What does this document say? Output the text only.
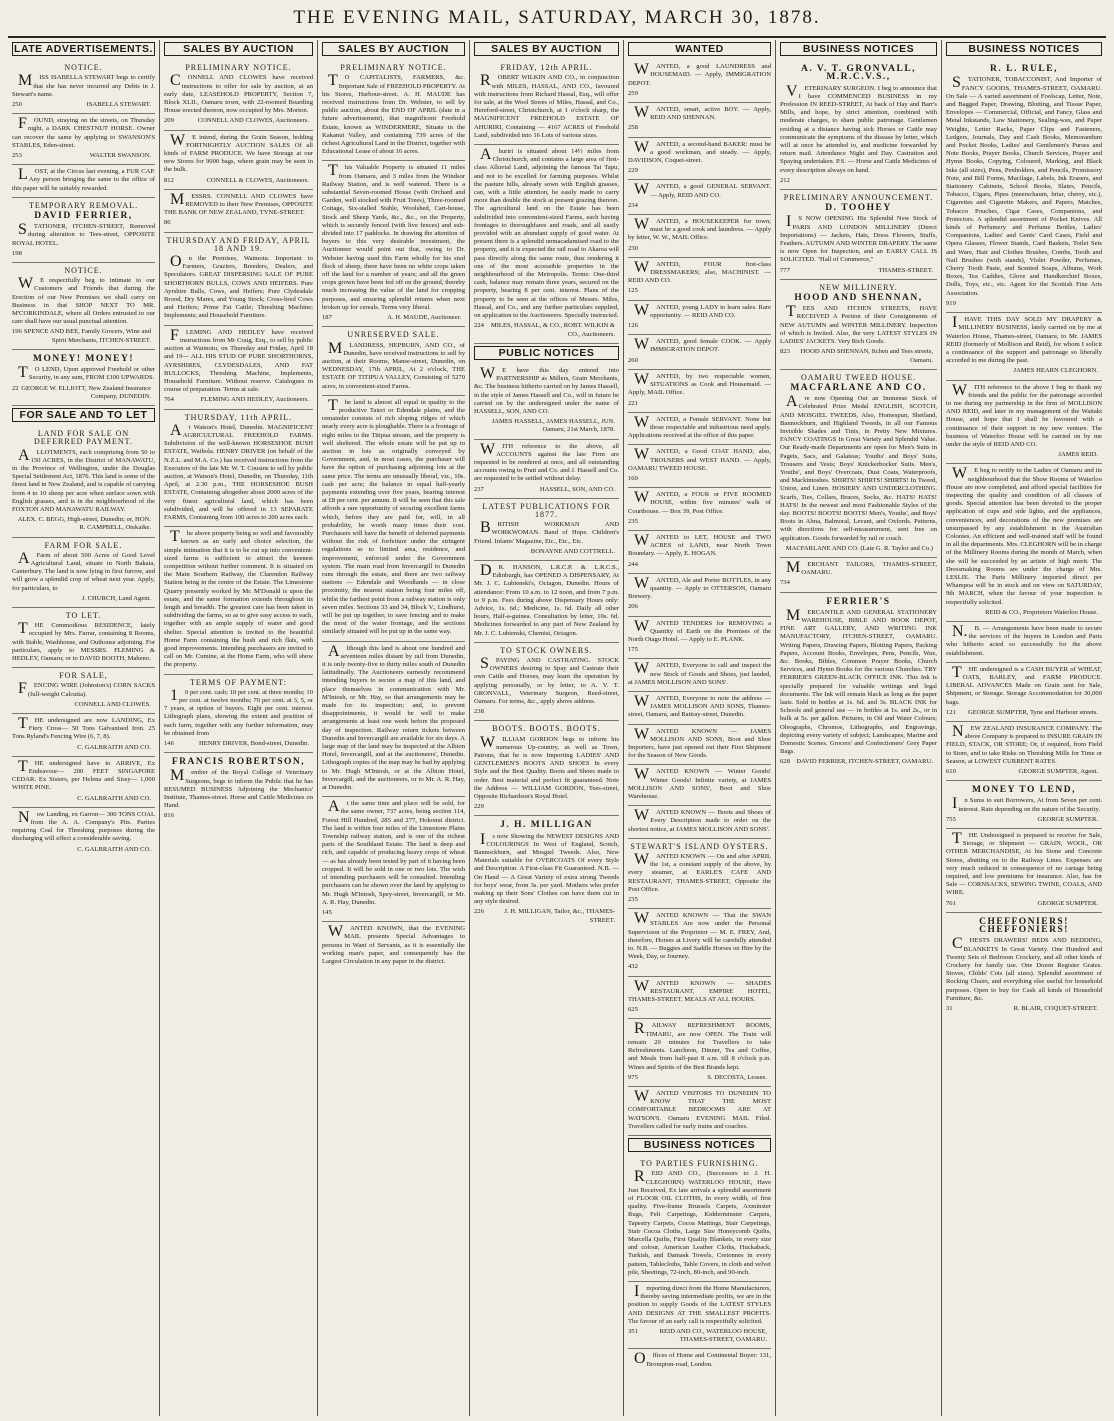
THE EVENING MAIL, SATURDAY, MARCH 30, 1878.
LATE ADVERTISEMENTS.
NOTICE.
MISS ISABELLA STEWART begs to certify that she has never incurred any Debts in J. Stewart's name.
250	ISABELLA STEWART.
FOUND, straying on the streets, on Thursday night, a DARK CHESTNUT HORSE. Owner can recover the same by applying to SWANSON'S STABLES, Eden-street.
253	WALTER SWANSON.
LOST, at the Circus last evening, a FUR CAP. Any person bringing the same to the office of this paper will be suitably rewarded.
TEMPORARY REMOVAL.
DAVID FERRIER,
STATIONER, ITCHEN-STREET, Removed during alteration to Tees-street, OPPOSITE ROYAL HOTEL.
198

NOTICE.
WE respectfully beg to intimate to our Customers and Friends that during the Erection of our New Premises we shall carry on Business in that SHOP NEXT TO MR. M'CORKINDALE, where all Orders entrusted to our care shall have our usual punctual attention.
196 SPENCE AND BEE, Family Grocers, Wine and Spirit Merchants, ITCHEN-STREET.
MONEY! MONEY!
TO LEND, Upon approved Freehold or other Security, in any sum, FROM £100 UPWARDS.
22 GEORGE W. ELLIOTT, New Zealand Insurance Company, DUNEDIN.
FOR SALE AND TO LET
LAND FOR SALE ON DEFERRED PAYMENT.
ALLOTMENTS, each comprising from 50 to 150 ACRES, in the District of MANAWATU, in the Province of Wellington, under the Douglas Special Settlement Act, 1876. This land is some of the finest land in New Zealand, and is capable of carrying from 4 to 10 sheep per acre when surface sown with English grasses, and is in the neighbourhood of the FOXTON AND MANAWATU RAILWAY.
ALEX. C. BEGG, High-street, Dunedin; or, HON. R. CAMPBELL, Otekaike.
FARM FOR SALE.
AFarm of about 500 Acres of Good Level Agricultural Land, situate in North Bakaia, Canterbury. The land is now lying in first furrow, and will grow a splendid crop of wheat next year. Apply, for particulars, to
J. CHURCH, Land Agent.
TO LET.
THE Commodious RESIDENCE, lately occupied by Mrs. Farrar, containing 8 Rooms, with Stable, Washhouse, and Outhouse adjoining. For particulars, apply to MESSRS. FLEMING & HEDLEY, Oamaru; or to DAVID BOOTH, Maheno.
FOR SALE,
FENCING WIRE (Johnston's) CORN SACKS (full-weight Calcutta).
CONNELL AND CLOWES.
THE undersigned are now LANDING, Ex Fiery Cross— 50 Tons Galvanised Iron. 25 Tons Ryland's Fencing Wire (6, 7, 8).
C. GALBRAITH AND CO.
THE undersigned have to ARRIVE, Ex Endeavour— 200 FEET SINGAPORE CEDAR. Ex Sisters, per Helena and Sissy— 1,000 WHITE PINE.
C. GALBRAITH AND CO.
Now Landing, ex Garron— 300 TONS COAL from the A. A. Company's Pits. Parties requiring Coal for Threshing purposes during the discharging will effect a considerable saving.
C. GALBRAITH AND CO.
SALES BY AUCTION
PRELIMINARY NOTICE.
CONNELL AND CLOWES have received instructions to offer for sale by auction, at an early date, LEASEHOLD PROPERTY, Section 7, Block XLII., Oamaru town, with 22-roomed Boarding House erected thereon, now occupied by Mrs. Morton.
209	CONNELL AND CLOWES, Auctioneers.
WE intend, during the Grain Season, holding FORTNIGHTLY AUCTION SALES Of all kinds of FARM PRODUCE. We have Storage at our new Stores for 9000 bags, where grain may be seen in the bulk.
812	CONNELL & CLOWES, Auctioneers.
MESSRS. CONNELL AND CLOWES have REMOVED to their New Premises, OPPOSITE THE BANK OF NEW ZEALAND, TYNE-STREET.
86

THURSDAY AND FRIDAY, APRIL 18 AND 19.
On the Premises, Waimotu. Important to Farmers, Graziers, Breeders, Dealers, and Speculators. GREAT DISPERSING SALE OF PURE SHORTHORN BULLS, COWS AND HEIFERS. Pure Ayrshire Bulls, Cows, and Heifers; Pure Clydesdale Brood, Dry Mares, and Young Stock; Cross-bred Cows and Heifers; Prime Fat Cattle; Threshing Machine; Implements; and Household Furniture.
FLEMING AND HEDLEY have received instructions from Mr Craig, Esq., to sell by public auction at Waimotu, on Thursday and Friday, April 18 and 19— ALL HIS STUD OF PURE SHORTHORNS, AYRSHIRES, CLYDESDALES, AND FAT BULLOCKS, Threshing Machine, Implements, Household Furniture. Without reserve. Catalogues in course of preparation. Terms at sale.
764	FLEMING AND HEDLEY, Auctioneers.
THURSDAY, 11th APRIL.
At Watson's Hotel, Dunedin. MAGNIFICENT AGRICULTURAL FREEHOLD FARMS. Subdivision of the well-known HORSESHOE BUSH ESTATE, Waihola. HENRY DRIVER (on behalf of the N.Z.L. and M.A. Co.) has received instructions from the Executors of the late Mr. W. T. Cousins to sell by public auction, at Watson's Hotel, Dunedin, on Thursday, 11th April, at 2.30 p.m., THE HORSESHOE BUSH ESTATE, Containing altogether about 2000 acres of the very finest agricultural land, which has been subdivided, and will be offered in 13 SEPARATE FARMS, Containing from 100 acres to 200 acres each.
The above property being so well and favourably known as an early and choice selection, the simple intimation that it is to be cut up into convenient-sized farms is sufficient to attract the keenest competition without further comment. It is situated on the Main Southern Railway, the Clarendon Railway Station being in the centre of the Estate. The Limestone Quarry presently worked by Mr. M'Donald is upon the estate, and the same formation extends throughout its length and breadth. The greatest care has been taken in subdividing the farms, so as to give easy access to each, together with an ample supply of water and good shelter. Special attention is invited to the beautiful Home Farm containing the bush and rich flats, with good improvements. Intending purchasers are invited to call on Mr. Cumine, at the Home Farm, who will show the property.
TERMS OF PAYMENT:
10 per cent. cash; 10 per cent. at three months; 10 per cent. at twelve months; 70 per cent. at 3, 5, or 7 years, at option of buyers. Eight per cent. interest. Lithograph plans, showing the extent and position of each farm, together with any further information, may be obtained from
146	HENRY DRIVER, Bond-street, Dunedin.
FRANCIS ROBERTSON,
Member of the Royal College of Veterinary Surgeons, begs to inform the Public that he has RESUMED BUSINESS Adjoining the Mechanics' Institute, Thames-street. Horse and Cattle Medicines on Hand.
816

SALES BY AUCTION
PRELIMINARY NOTICE.
TO CAPITALISTS, FARMERS, &c. Important Sale of FREEHOLD PROPERTY. At his Stores, Harbour-street. A. H. MAUDE has received instructions from Dr. Webster, to sell by public auction, about the END OF APRIL (date in a future advertisement), that magnificent Freehold Estate, known as WINDERMERE, Situate in the Kakanui Valley, and containing 739 acres of the richest Agricultural Land in the District, together with Educational Lease of about 16 acres.
This Valuable Property is situated 11 miles from Oamaru, and 3 miles from the Windsor Railway Station, and is well watered. There is a substantial Seven-roomed House (with Orchard and Garden, well stocked with Fruit Trees), Three-roomed Cottage, Six-stalled Stable, Woolshed, Cart-house, Stock and Sheep Yards, &c., &c., on the Property, which is securely fenced (with live fences) and sub-divided into 17 paddocks. In drawing the attention of buyers to this very desirable investment, the Auctioneer would point out that, owing to Dr. Webster having used this Farm wholly for his stud flock of sheep, there have been no white crops taken off the land for a number of years; and all the green crops grown have been fed off on the ground, thereby much increasing the value of the land for cropping purposes, and ensuring splendid returns when next broken up for cereals. Terms very liberal.
187	A. H. MAUDE, Auctioneer.
UNRESERVED SALE.
MLANDRESS, HEPBURN, AND CO., of Dunedin, have received instructions to sell by auction, at their Rooms, Manse-street, Dunedin, on WEDNESDAY, 17th APRIL, At 2 o'clock, THE ESTATE OF TITIPUA VALLEY, Consisting of 5270 acres, in convenient-sized Farms.
The land is almost all equal in quality to the productive Taieri or Edendale plains, and the remainder consists of rich sloping ridges of which nearly every acre is ploughable. There is a frontage of eight miles to the Titipua stream, and the property is well sheltered. The whole estate will be put up to auction in lots as originally conveyed by Government, and, in most cases, the purchaser will have the option of purchasing adjoining lots at the same price. The terms are unusually liberal, viz., 10s. cash per acre; the balance in equal half-yearly payments extending over five years, bearing interest at £8 per cent. per annum. It will be seen that this sale affords a rare opportunity of securing excellent farms which, before they are paid for, will, in all probability, be worth many times their cost. Purchasers will have the benefit of deferred payments without the risk of forfeiture under the stringent regulations as to limited area, residence, and improvement, enforced under the Government system. The main road from Invercargill to Dunedin runs through the estate, and there are two railway stations — Edendale and Woodlands — in close proximity, the nearest station being four miles off, whilst the farthest point from a railway station is only seven miles. Sections 33 and 34, Block V., Lindhurst, will be put up together, to save fencing and to make the most of the water frontage, and the sections similarly situated will be put up in the same way.
Although this land is about one hundred and seventeen miles distant by rail from Dunedin, it is only twenty-five to thirty miles south of Dunedin latitudinally. The Auctioneers earnestly recommend intending buyers to secure a map of this land, and place themselves in communication with Mr. M'Intosh, or Mr. Hay, so that arrangements may be made for its inspection; and, to prevent disappointments, it would be well to make arrangements at least one week before the proposed day of inspection. Railway return tickets between Dunedin and Invercargill are available for six days. A large map of the land may be inspected at the Albion Hotel, Invercargill, and at the auctioneers', Dunedin. Lithograph copies of the map may be had by applying to Mr. Hugh M'Intosh, or at the Albion Hotel, Invercargill, and the auctioneers, or to Mr. A. R. Hay, at Dunedin.
At the same time and place will be sold, for the same owner, 737 acres, being section 114, Forest Hill Hundred, 285 and 277, Hokonui district. The land is within four miles of the Limestone Plains Township railway station, and is one of the richest parts of the Southland Estate. The land is deep and rich, and capable of producing heavy crops of wheat — as has already been tested by part of it having been cropped. It will be sold in one or two lots. The wish of intending purchasers will be consulted. Intending purchasers can be shown over the land by applying to Mr. Hugh M'Intosh, Spey-street, Invercargill, or Mr. A. R. Hay, Dunedin.
145

WANTED KNOWN, that the EVENING MAIL presents Special Advantages to persons in Want of Servants, as it is essentially the working man's paper, and consequently has the Largest Circulation in any paper in the district.
SALES BY AUCTION
FRIDAY, 12th APRIL.
ROBERT WILKIN AND CO., in conjunction with MILES, HASSAL, AND CO., favoured with instructions from Richard Hassal, Esq., will offer for sale, at the Wool Stores of Miles, Hassal, and Co., Hereford-street, Christchurch, at 1 o'clock sharp, the MAGNIFICENT FREEHOLD ESTATE OF AHURIRI, Containing — 4167 ACRES of Freehold Land, subdivided into 16 Lots of various sizes.
Ahuriri is situated about 14½ miles from Christchurch, and contains a large area of first-class Alluvial Land, adjoining the famous Tai Tapu, and not to be excelled for farming purposes. Whilst the pasture hills, already sown with English grasses, can, with a little attention, be easily made to carry more than double the stock at present grazing thereon. The agricultural land on the Estate has been subdivided into convenient-sized Farms, each having frontages to thoroughfares and roads, and all easily provided with an abundant supply of good water. At present there is a splendid unmacadamised road to the property, and it is expected the rail road to Akaroa will pass directly along the same route, thus rendering it one of the most accessible properties in the neighbourhood of the Metropolis. Terms: One-third cash, balance may remain three years, secured on the property, bearing 8 per cent. interest. Plans of the property to be seen at the offices of Messrs. Miles, Hassal, and Co., and any further particulars supplied, on application to the Auctioneers. Specially instructed.
224 MILES, HASSAL, & CO., ROBT. WILKIN & CO., Auctioneers.
PUBLIC NOTICES
WE have this day entered into PARTNERSHIP as Millers, Grain Merchants, &c. The business hitherto carried on by James Hassell, in the style of James Hassell and Co., will in future be carried on by the undersigned under the name of HASSELL, SON, AND CO.
JAMES HASSELL, JAMES HASSELL, JUN. Oamaru, 21st March, 1878.
WITH reference to the above, all ACCOUNTS against the late Firm are requested to be rendered at once, and all outstanding accounts owing to Pratt and Co. and J. Hassell and Co. are requested to be settled without delay.
237	HASSELL, SON, AND CO.
LATEST PUBLICATIONS FOR 1877.
BRITISH WORKMAN AND WORKWOMAN. Band of Hope. Children's Friend. Infants' Magazine, Etc., Etc., Etc.
BONAYNE AND COTTRELL.
DR. HANSON, L.R.C.P. & L.R.C.S., Edinburgh, has OPENED A DISPENSARY, At Mr. J. C. Lubienski's, Octagon, Dunedin. Hours of attendance: From 10 a.m. to 12 noon, and from 7 p.m. to 9 p.m. Fees during above Dispensary Hours only: Advice, 1s. 6d.; Medicine, 1s. 6d. Daily all other hours, Half-a-guinea. Consultation by letter, 10s. 6d. Medicines forwarded to any part of New Zealand by Mr. J. C. Lubienski, Chemist, Octagon.
TO STOCK OWNERS.
SPAYING AND CASTRATING. STOCK OWNERS desiring to Spay and Castrate their own Cattle and Horses, may learn the operation by applying personally, or by letter, to A. V. T. GRONVALL, Veterinary Surgeon, Reed-street, Oamaru. For terms, &c., apply above address.
238

BOOTS. BOOTS. BOOTS.
WILLIAM GORDON begs to inform his numerous Up-country, as well as Town, Patrons, that he is now Importing LADIES' AND GENTLEMEN'S BOOTS AND SHOES In every Style and the Best Quality. Boots and Shoes made to order. Best material and perfect fit guaranteed. Note the Address — WILLIAM GORDON, Tees-street, Opposite Richardson's Royal Hotel.
229

J. H. MILLIGAN
Is now Showing the NEWEST DESIGNS AND COLOURINGS In West of England, Scotch, Bannockburn, and Mosgiel Tweeds. Also, New Materials suitable for OVERCOATS Of every Style and Description. A First-class Fit Guaranteed. N.B. — On Hand — A Great Variety of extra strong Tweeds for boys' wear, from 3s. per yard. Mothers who prefer making up their Sons' Clothes can have them cut in any style desired.
226	J. H. MILLIGAN, Tailor, &c., THAMES-STREET.
WANTED
WANTED, a good LAUNDRESS and HOUSEMAID. — Apply, IMMIGRATION DEPOT.
259

WANTED, smart, active BOY. — Apply, REID AND SHENNAN.
258

WANTED, a second-hand BAKER: must be a good workman, and steady. — Apply, DAVIDSON, Coquet-street.
229

WANTED, a good GENERAL SERVANT. — Apply, REID AND CO.
234

WANTED, a HOUSEKEEPER for town; must be a good cook and laundress. — Apply by letter, W. W., MAIL Office.
230

WANTED, FOUR first-class DRESSMAKERS; also, MACHINIST. — REID AND CO.
125

WANTED, young LADY to learn sales. Rare opportunity. — REID AND CO.
126

WANTED, good female COOK. — Apply IMMIGRATION DEPOT.
260

WANTED, by two respectable women, SITUATIONS as Cook and Housemaid. — Apply, MAIL Office.
221

WANTED, a Female SERVANT. None but those respectable and industrious need apply. Applications received at the office of this paper.
WANTED, a Good COAT HAND; also, TROUSERS and WEST HAND. — Apply, OAMARU TWEED HOUSE.
160

WANTED, a FOUR or FIVE ROOMED HOUSE, within five minutes' walk of Courthouse. — Box 39, Post Office.
235

WANTED to LET, HOUSE and TWO ACRES of LAND, near North Town Boundary. — Apply, E. HOGAN.
244

WANTED, Ale and Porter BOTTLES, in any quantity. — Apply to OTTERSON, Oamaru Brewery.
206

WANTED TENDERS for REMOVING a Quantity of Earth on the Premises of the North Otago Hotel. — Apply to E. PLANK.
175

WANTED, Everyone to call and inspect the new Stock of Goods and Shoes, just landed, at JAMES MOLLISON AND SONS'.
WANTED, Everyone to note the address — JAMES MOLLISON AND SONS, Thames-street, Oamaru, and Rattray-street, Dunedin.
WANTED KNOWN — JAMES MOLLISON AND SONS, Boot and Shoe Importers, have just opened out their First Shipment for the Season of New Goods.
WANTED KNOWN — Winter Goods! Winter Goods! Infinite variety, at JAMES MOLLISON AND SONS', Boot and Shoe Warehouse.
WANTED KNOWN — Boots and Shoes of Every Description made to order on the shortest notice, at JAMES MOLLISON AND SONS'.
STEWART'S ISLAND OYSTERS.
WANTED KNOWN — On and after APRIL the 1st, a constant supply of the above, by every steamer, at EARLE'S CAFE AND RESTAURANT, THAMES-STREET, Opposite the Post Office.
235

WANTED KNOWN — That the SWAN STABLES Are now under the Personal Supervision of the Proprietor — M. E. FREY, And, therefore, Horses at Livery will be carefully attended to. N.B. — Buggies and Saddle Horses on Hire by the Week, Day, or Journey.
432

WANTED KNOWN — SHADES RESTAURANT, EMPIRE HOTEL, THAMES-STREET. MEALS AT ALL HOURS.
625

RAILWAY REFRESHMENT ROOMS, TIMARU, are now OPEN. The Train will remain 20 minutes for Travellers to take Refreshments. Luncheon, Dinner, Tea and Coffee, and Meals from half-past 8 a.m. till 8 o'clock p.m. Wines and Spirits of the Best Brands kept.
975	S. DECOSTA, Lessee.
WANTED VISITORS TO DUNEDIN TO KNOW THAT THE MOST COMFORTABLE BEDROOMS ARE AT WATSON'S. Oamaru EVENING MAIL Filed. Travellers called for early trains and coaches.
BUSINESS NOTICES
TO PARTIES FURNISHING.
REID AND CO., (Successors to J. H. CLEGHORN) WATERLOO HOUSE, Have Just Received, Ex late arrivals a splendid assortment of FLOOR OIL CLOTHS, In every width, of first quality. Five-frame Brussels Carpets, Axminster Rugs, Felt Carpetings, Kidderminster Carpets, Tapestry Carpets, Cocoa Mattings, Stair Carpetings, Stair Cocoa Cloths, Large Size Honeycomb Quilts, Marcella Quilts, First Quality Blankets, in every size and colour, American Leather Cloths, Huckaback, Turkish, and Damask Towels, Cretonnes in every pattern, Tablecloths, Table Covers, in cloth and velvet pile, Sheetings, 72-inch, 80-inch, and 90-inch.
Importing direct from the Home Manufacturers, thereby saving intermediate profits, we are in the position to supply Goods of the LATEST STYLES AND DESIGNS AT THE SMALLEST PROFITS. The favour of an early call is respectfully solicited.
351	REID AND CO., WATERLOO HOUSE, THAMES-STREET, OAMARU.
Offices of Home and Continental Buyer: 131, Brompton-road, London.
BUSINESS NOTICES
A. V. T. GRONVALL, M.R.C.V.S.,
VETERINARY SURGEON. I beg to announce that I have COMMENCED BUSINESS in my Profession IN REED-STREET, At back of Hay and Barr's Mills, and hope, by strict attention, combined with moderate charges, to share public patronage. Gentlemen residing at a distance having sick Horses or Cattle may communicate the symptoms of the disease by letter, which will at once be attended to, and medicine forwarded by return mail. Attendance Night and Day. Castration and Spaying undertaken. P.S. — Horse and Cattle Medicines of every description always on hand.
212

PRELIMINARY ANNOUNCEMENT.
D. TOOHEY
IS NOW OPENING His Splendid New Stock of PARIS AND LONDON MILLINERY (Direct Importations) — Jackets, Hats, Dress Flowers, Stuffs, Feathers. AUTUMN AND WINTER DRAPERY. The same is now Open for Inspection, and an EARLY CALL IS SOLICITED. "Hall of Commerce,"
777	THAMES-STREET.
NEW MILLINERY.
HOOD AND SHENNAN,
TEES AND ITCHEN STREETS, HAVE RECEIVED A Portion of their Consignments of NEW AUTUMN and WINTER MILLINERY. Inspection of which is Invited. Also, the very LATEST STYLES IN LADIES' JACKETS. Very Rich Goods.
823 HOOD AND SHENNAN, Itchen and Tees streets, Oamaru.
OAMARU TWEED HOUSE.
MACFARLANE AND CO.
Are now Opening Out an Immense Stock of Celebrated Prize Medal ENGLISH, SCOTCH, AND MOSGIEL TWEEDS, Also, Homespun, Shetland, Bannockburn, and Highland Tweeds, in all our Famous Invisible Shades and Tints, in Pretty New Mixtures. FANCY COATINGS In Great Variety and Splendid Value. Our Ready-made Departments are open for Men's Suits in Pagets, Sacs, and Galateas; Youths' and Boys' Suits, Trousers and Vests; Boys' Knickerbocker Suits. Men's, Youths', and Boys' Overcoats, Dust Coats, Waterproofs, and Mackintoshes. SHIRTS! SHIRTS! SHIRTS! In Tweed, Union, and Linen. HOSIERY AND UNDERCLOTHING. Scarfs, Ties, Collars, Braces, Socks, &c. HATS! HATS! HATS! In the newest and most Fashionable Styles of the day. BOOTS! BOOTS! BOOTS! Men's, Youths', and Boys' Boots in Alma, Balmoral, Levant, and Oxfords. Patterns, with directions for self-measurement, sent free on application. Goods forwarded by rail or coach.
MACFARLANE AND CO. (Late G. R. Taylor and Co.)
MERCHANT TAILORS, THAMES-STREET, OAMARU.
734

FERRIER'S
MERCANTILE AND GENERAL STATIONERY WAREHOUSE, BIBLE AND BOOK DEPOT, FINE ART GALLERY, AND WRITING INK MANUFACTORY, ITCHEN-STREET, OAMARU. Writing Papers, Drawing Papers, Blotting Papers, Packing Papers, Account Books, Envelopes, Pens, Pencils, Wax, &c. Books, Bibles, Common Prayer Books, Church Services, and Hymn Books for the various Churches. TRY FERRIER'S GREEN-BLACK OFFICE INK. This Ink is specially prepared for valuable writings and legal documents. The Ink will remain black as long as the paper lasts. Sold in bottles at 1s. 6d. and 3s. BLACK INK for Schools and general use — in bottles at 1s. and 2s., or in bulk at 5s. per gallon. Pictures, in Oil and Water Colours; Oleographs, Chromos, Lithographs, and Engravings, depicting every variety of subject; Landscapes, Marine and Domestic Scenes. Grocers' and Confectioners' Grey Paper Bags.
628 DAVID FERRIER, ITCHEN-STREET, OAMARU.
BUSINESS NOTICES
R. L. RULE,
STATIONER, TOBACCONIST, And Importer of FANCY GOODS, THAMES-STREET, OAMARU. On Sale — A varied assortment of Foolscap, Letter, Note, and Bagged Paper, Drawing, Blotting, and Tissue Paper, Envelopes — Commercial, Official, and Fancy, Glass and Metal Inkstands, Law Stationery, Sealing-wax, and Paper Weights, Letter Racks, Paper Clips and Fasteners, Ledgers, Journals, Day and Cash Books, Memorandum and Pocket Books, Ladies' and Gentlemen's Purses and Note Books, Prayer Books, Church Services, Prayer and Hymn Books, Copying, Coloured, Marking, and Black Inks (all sizes), Pens, Penholders, and Pencils, Promissory Note, and Bill Forms, Mucilage, Labels, Ink Erasers, and Stationery Cabinets, School Books, Slates, Pencils, Tobacco, Cigars, Pipes (meerschaum, briar, cherry, etc.), Cigarettes and Cigarette Makers, and Papers, Matches, Tobacco Pouches, Cigar Cases, Companions, and Protectors. A splendid assortment of Pocket Knives. All kinds of Perfumery and Perfume Bottles, Ladies' Companions, Ladies' and Gents' Card Cases, Field and Opera Glasses, Flower Stands, Card Baskets, Toilet Sets and Ware, Hair and Clothes Brushes, Combs, Tooth and Nail Brushes (with stands), Violet Powder, Perfumes, Cherry Tooth Paste, and Scented Soaps, Albums, Work Boxes, Tea Caddies, Glove and Handkerchief Boxes, Dolls, Toys, etc., etc. Agent for the Scottish Fine Arts Association.
919

IHAVE THIS DAY SOLD MY DRAPERY & MILLINERY BUSINESS, lately carried on by me at Waterloo House, Thames-street, Oamaru, to Mr. JAMES REID (formerly of Mollison and Reid), for whom I solicit a continuance of the support and patronage so liberally accorded to me during the past.
JAMES HEARN CLEGHORN.
WITH reference to the above I beg to thank my friends and the public for the patronage accorded to me during my partnership in the firm of MOLLISON AND REID, and later in my management of the Waitaki House, and hope that I shall be favoured with a continuance of their support in my new venture. The business of Waterloo House will be carried on by me under the style of REID AND CO.
JAMES REID.
WE beg to notify to the Ladies of Oamaru and its neighbourhood that the Show Rooms of Waterloo House are now completed, and afford special facilities for inspecting the quality and condition of all classes of goods. Special attention has been devoted to the proper application of cups and side lights, and the appliances, conveniences, and decorations of the new premises are unsurpassed by any establishment in the Australian Colonies. An efficient and well-trained staff will be found in all the departments. Mrs. CLEGHORN will be in charge of the Millinery Rooms during the month of March, when she will be succeeded by an artiste of high merit. The Dressmaking Rooms are under the charge of Mrs. LESLIE. The Paris Millinery imported direct per Whampoa will be in stock and on view on SATURDAY, 9th MARCH, when the favour of your inspection is respectfully solicited.
REID & CO., Proprietors Waterloo House.
N.B. — Arrangements have been made to secure the services of the buyers in London and Paris who hitherto acted so successfully for the above establishment.
THE undersigned is a CASH BUYER of WHEAT, OATS, BARLEY, and FARM PRODUCE. LIBERAL ADVANCES Made on Grain sent for Sale, Shipment, or Storage. Storage Accommodation for 30,000 bags.
121 GEORGE SUMPTER, Tyne and Harbour streets.
NEW ZEALAND INSURANCE COMPANY. The above Company is prepared to INSURE GRAIN IN FIELD, STACK, OR STORE; Or, if required, from Field to Store, and to take Risks on Threshing Mills for Time or Season, at LOWEST CURRENT RATES.
610	GEORGE SUMPTER, Agent.
MONEY TO LEND,
In Sums to suit Borrowers, At from Seven per cent. interest. Rate depending on the nature of the Security.
755	GEORGE SUMPTER.
THE Undersigned is prepared to receive for Sale, Storage, or Shipment — GRAIN, WOOL, OR OTHER MERCHANDISE, At his Stone and Concrete Stores, abutting on to the Railway Lines. Expenses are very much reduced in consequence of no cartage being required, and low premiums for insurance. Also, has for Sale — CORNSACKS, SEWING TWINE, COALS, AND WIRE.
761	GEORGE SUMPTER.
CHEFFONIERS! CHEFFONIERS!
CHESTS DRAWERS! BEDS AND BEDDING, BLANKETS In Great Variety. One Hundred and Twenty Sets of Bedroom Crockery, and all other kinds of Crockery for family use. One Dozen Register Grates. Stoves, Childs' Cots (all sizes). Splendid assortment of Rocking Chairs, and everything else useful for household purposes. Open to buy for Cash all kinds of Household Furniture, &c.
31	R. BLAIR, COQUET-STREET.
